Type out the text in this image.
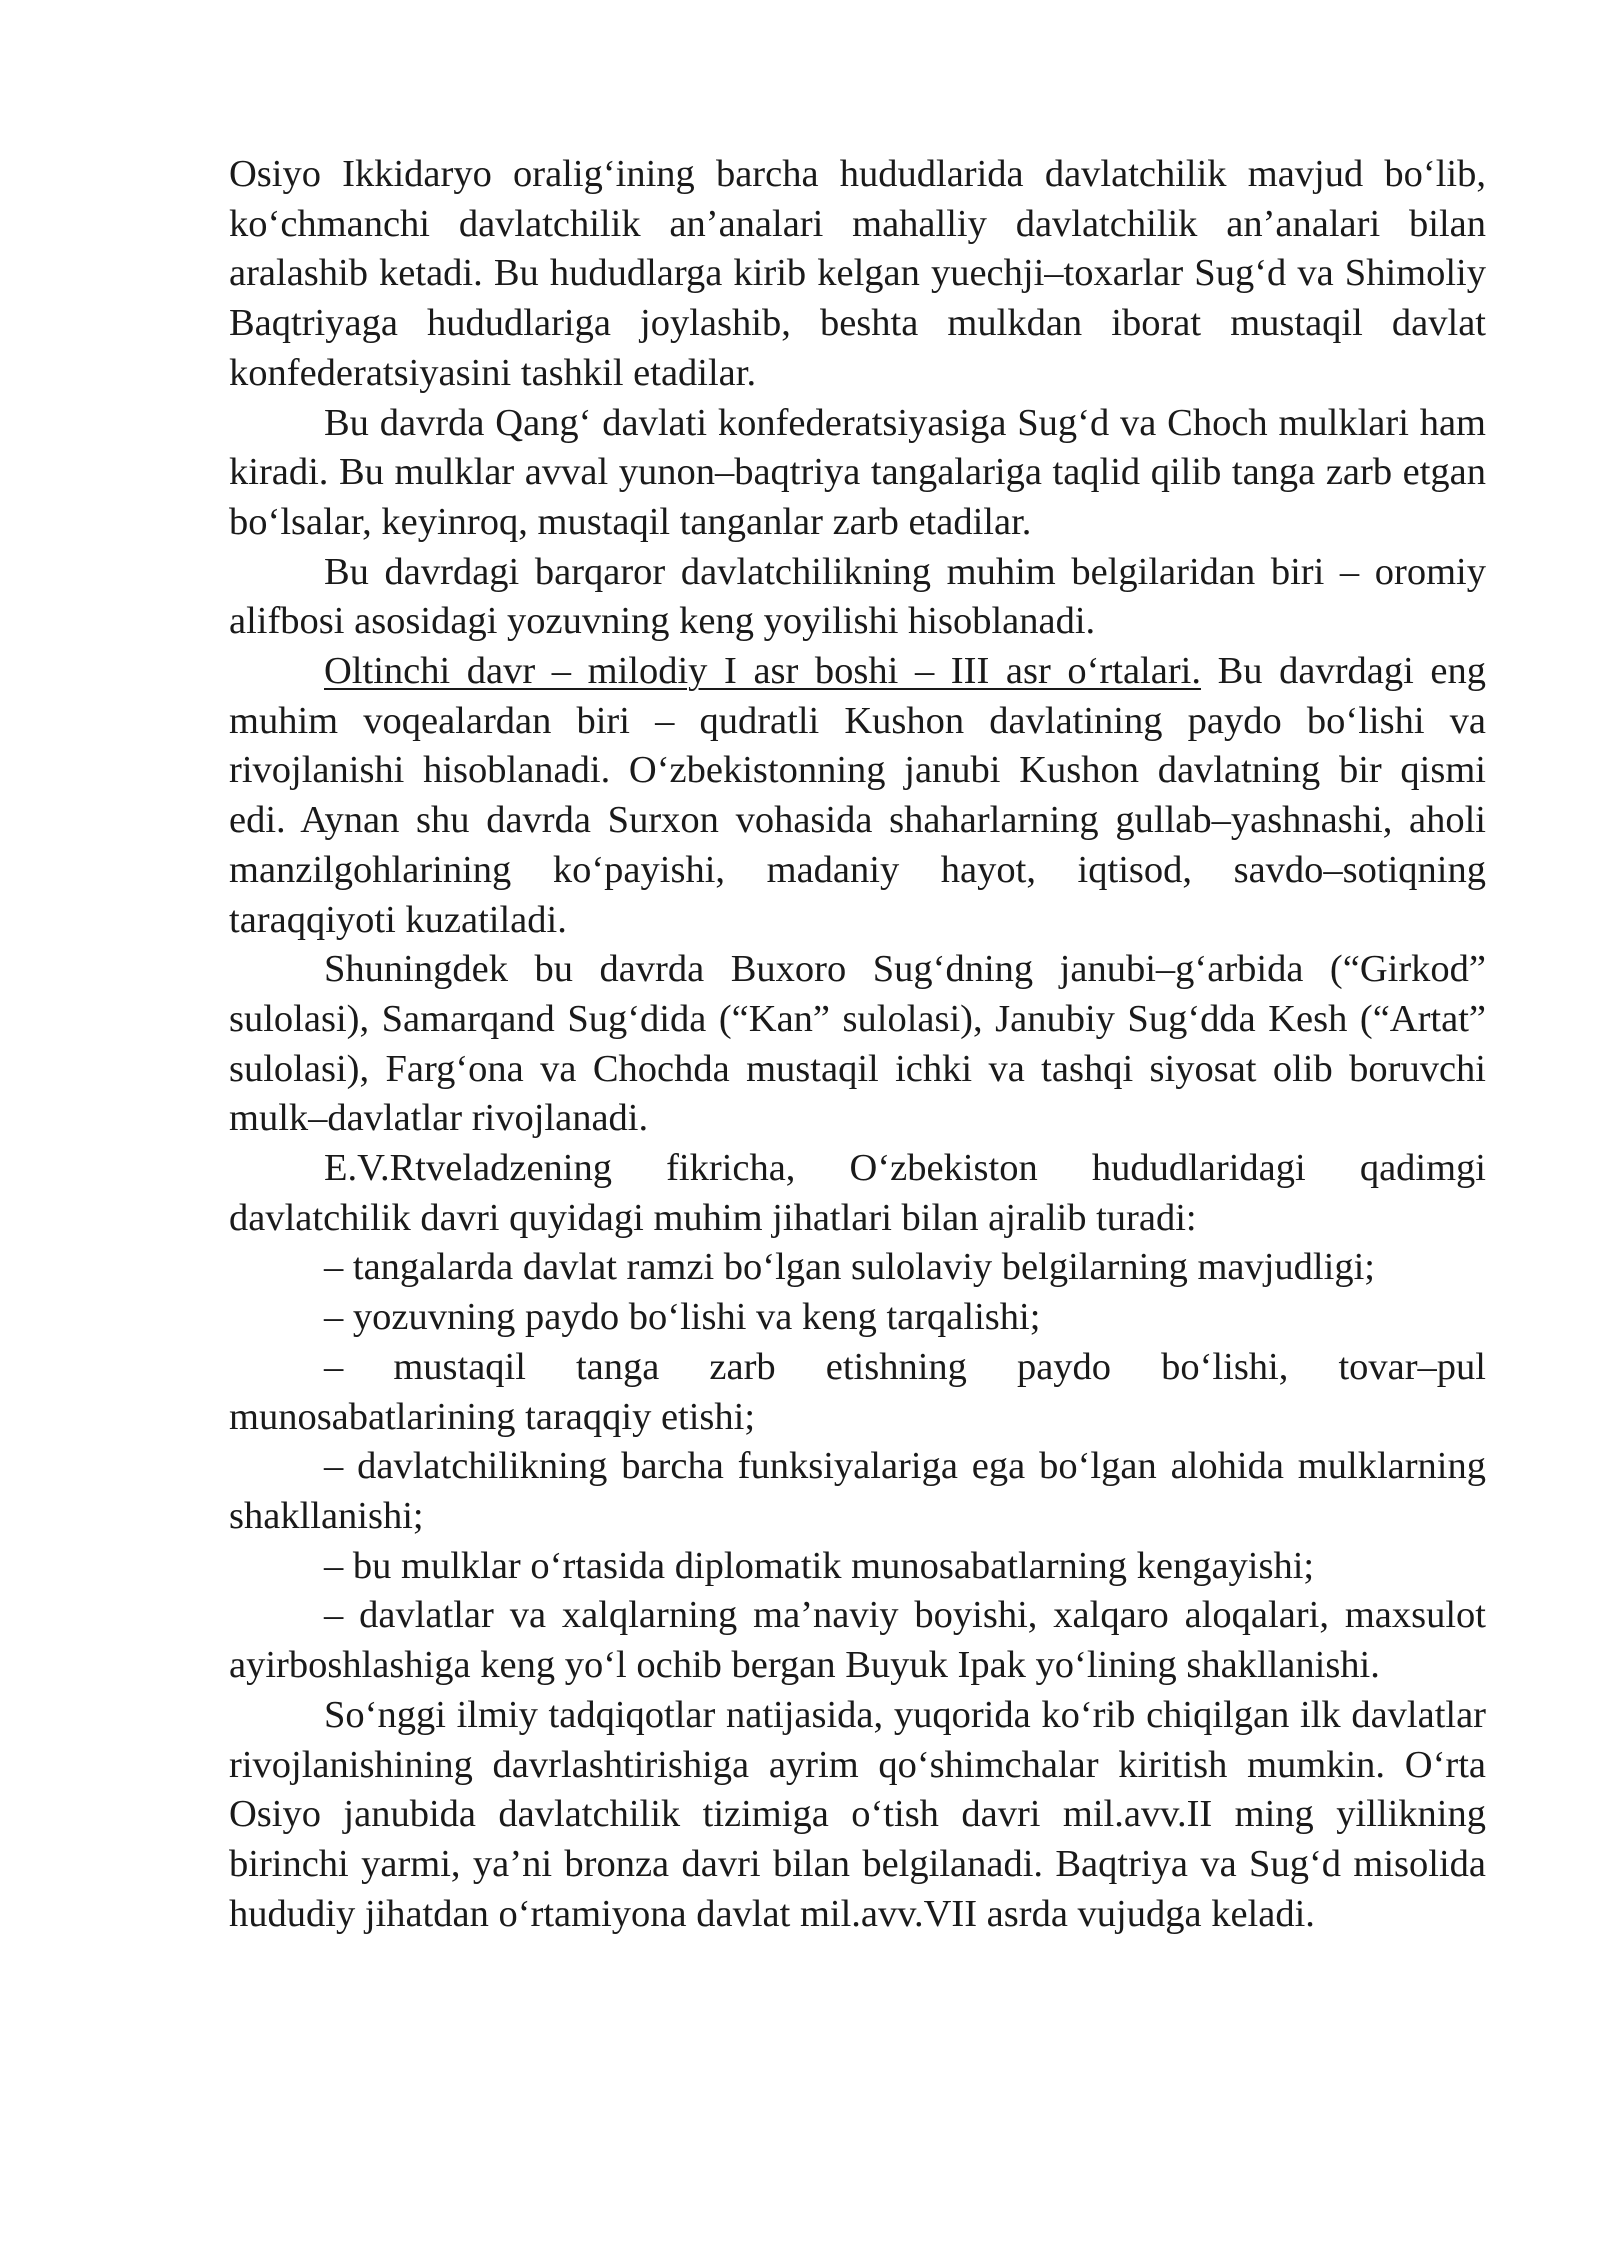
Osiyo Ikkidaryo oralig‘ining barcha hududlarida davlatchilik mavjud bo‘lib, ko‘chmanchi davlatchilik an’analari mahalliy davlatchilik an’analari bilan aralashib ketadi. Bu hududlarga kirib kelgan yuechji–toxarlar Sug‘d va Shimoliy Baqtriyaga hududlariga joylashib, beshta mulkdan iborat mustaqil davlat konfederatsiyasini tashkil etadilar.

Bu davrda Qang‘ davlati konfederatsiyasiga Sug‘d va Choch mulklari ham kiradi. Bu mulklar avval yunon–baqtriya tangalariga taqlid qilib tanga zarb etgan bo‘lsalar, keyinroq, mustaqil tanganlar zarb etadilar.

Bu davrdagi barqaror davlatchilikning muhim belgilaridan biri – oromiy alifbosi asosidagi yozuvning keng yoyilishi hisoblanadi.

Oltinchi davr – milodiy I asr boshi – III asr o‘rtalari. Bu davrdagi eng muhim voqealardan biri – qudratli Kushon davlatining paydo bo‘lishi va rivojlanishi hisoblanadi. O‘zbekistonning janubi Kushon davlatning bir qismi edi. Aynan shu davrda Surxon vohasida shaharlarning gullab–yashnashi, aholi manzilgohlarining ko‘payishi, madaniy hayot, iqtisod, savdo–sotiqning taraqqiyoti kuzatiladi.

Shuningdek bu davrda Buxoro Sug‘dning janubi–g‘arbida (“Girkod” sulolasi), Samarqand Sug‘dida (“Kan” sulolasi), Janubiy Sug‘dda Kesh (“Artat” sulolasi), Farg‘ona va Chochda mustaqil ichki va tashqi siyosat olib boruvchi mulk–davlatlar rivojlanadi.

E.V.Rtveladzening fikricha, O‘zbekiston hududlaridagi qadimgi davlatchilik davri quyidagi muhim jihatlari bilan ajralib turadi:

– tangalarda davlat ramzi bo‘lgan sulolaviy belgilarning mavjudligi;

– yozuvning paydo bo‘lishi va keng tarqalishi;

– mustaqil tanga zarb etishning paydo bo‘lishi, tovar–pul munosabatlarining taraqqiy etishi;

– davlatchilikning barcha funksiyalariga ega bo‘lgan alohida mulklarning shakllanishi;

– bu mulklar o‘rtasida diplomatik munosabatlarning kengayishi;

– davlatlar va xalqlarning ma’naviy boyishi, xalqaro aloqalari, maxsulot ayirboshlashiga keng yo‘l ochib bergan Buyuk Ipak yo‘lining shakllanishi.

So‘nggi ilmiy tadqiqotlar natijasida, yuqorida ko‘rib chiqilgan ilk davlatlar rivojlanishining davrlashtirishiga ayrim qo‘shimchalar kiritish mumkin. O‘rta Osiyo janubida davlatchilik tizimiga o‘tish davri mil.avv.II ming yillikning birinchi yarmi, ya’ni bronza davri bilan belgilanadi. Baqtriya va Sug‘d misolida hududiy jihatdan o‘rtamiyona davlat mil.avv.VII asrda vujudga keladi.
